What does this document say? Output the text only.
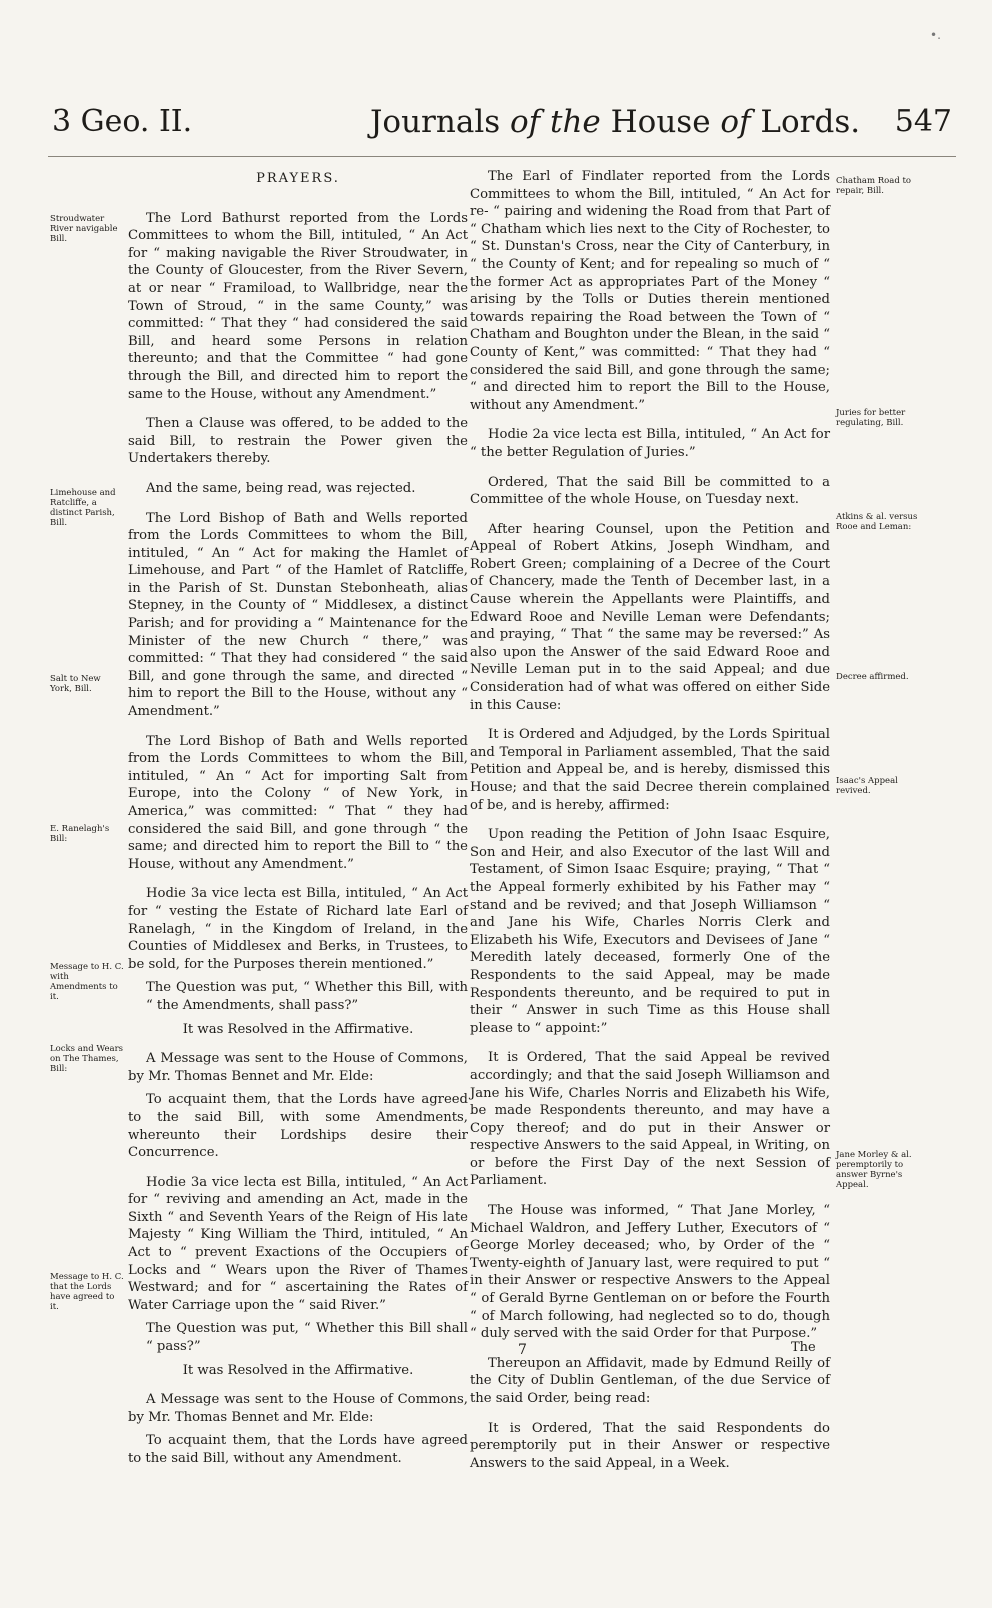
•.
3 Geo. II.	Journals of the House of Lords. 547
PRAYERS.

The Lord Bathurst reported from the Lords Committees to whom the Bill, intituled, “ An Act for “ making navigable the River Stroudwater, in the County of Gloucester, from the River Severn, at or near “ Framiload, to Wallbridge, near the Town of Stroud, “ in the same County,” was committed: “ That they “ had considered the said Bill, and heard some Persons in relation thereunto; and that the Committee “ had gone through the Bill, and directed him to report the same to the House, without any Amendment.”

Then a Clause was offered, to be added to the said Bill, to restrain the Power given the Undertakers thereby.

And the same, being read, was rejected.

The Lord Bishop of Bath and Wells reported from the Lords Committees to whom the Bill, intituled, “ An “ Act for making the Hamlet of Limehouse, and Part “ of the Hamlet of Ratcliffe, in the Parish of St. Dunstan Stebonheath, alias Stepney, in the County of “ Middlesex, a distinct Parish; and for providing a “ Maintenance for the Minister of the new Church “ there,” was committed: “ That they had considered “ the said Bill, and gone through the same, and directed “ him to report the Bill to the House, without any “ Amendment.”

The Lord Bishop of Bath and Wells reported from the Lords Committees to whom the Bill, intituled, “ An “ Act for importing Salt from Europe, into the Colony “ of New York, in America,” was committed: “ That “ they had considered the said Bill, and gone through “ the same; and directed him to report the Bill to “ the House, without any Amendment.”

Hodie 3a vice lecta est Billa, intituled, “ An Act for “ vesting the Estate of Richard late Earl of Ranelagh, “ in the Kingdom of Ireland, in the Counties of Middlesex and Berks, in Trustees, to be sold, for the Purposes therein mentioned.”

The Question was put, “ Whether this Bill, with “ the Amendments, shall pass?”

It was Resolved in the Affirmative.

A Message was sent to the House of Commons, by Mr. Thomas Bennet and Mr. Elde:

To acquaint them, that the Lords have agreed to the said Bill, with some Amendments, whereunto their Lordships desire their Concurrence.

Hodie 3a vice lecta est Billa, intituled, “ An Act for “ reviving and amending an Act, made in the Sixth “ and Seventh Years of the Reign of His late Majesty “ King William the Third, intituled, “ An Act to “ prevent Exactions of the Occupiers of Locks and “ Wears upon the River of Thames Westward; and for “ ascertaining the Rates of Water Carriage upon the “ said River.”

The Question was put, “ Whether this Bill shall “ pass?”

It was Resolved in the Affirmative.

A Message was sent to the House of Commons, by Mr. Thomas Bennet and Mr. Elde:

To acquaint them, that the Lords have agreed to the said Bill, without any Amendment.

The Earl of Findlater reported from the Lords Committees to whom the Bill, intituled, “ An Act for re- “ pairing and widening the Road from that Part of “ Chatham which lies next to the City of Rochester, to “ St. Dunstan's Cross, near the City of Canterbury, in “ the County of Kent; and for repealing so much of “ the former Act as appropriates Part of the Money “ arising by the Tolls or Duties therein mentioned towards repairing the Road between the Town of “ Chatham and Boughton under the Blean, in the said “ County of Kent,” was committed: “ That they had “ considered the said Bill, and gone through the same; “ and directed him to report the Bill to the House, without any Amendment.”

Hodie 2a vice lecta est Billa, intituled, “ An Act for “ the better Regulation of Juries.”

Ordered, That the said Bill be committed to a Committee of the whole House, on Tuesday next.

After hearing Counsel, upon the Petition and Appeal of Robert Atkins, Joseph Windham, and Robert Green; complaining of a Decree of the Court of Chancery, made the Tenth of December last, in a Cause wherein the Appellants were Plaintiffs, and Edward Rooe and Neville Leman were Defendants; and praying, “ That “ the same may be reversed:” As also upon the Answer of the said Edward Rooe and Neville Leman put in to the said Appeal; and due Consideration had of what was offered on either Side in this Cause:

It is Ordered and Adjudged, by the Lords Spiritual and Temporal in Parliament assembled, That the said Petition and Appeal be, and is hereby, dismissed this House; and that the said Decree therein complained of be, and is hereby, affirmed:

Upon reading the Petition of John Isaac Esquire, Son and Heir, and also Executor of the last Will and Testament, of Simon Isaac Esquire; praying, “ That “ the Appeal formerly exhibited by his Father may “ stand and be revived; and that Joseph Williamson “ and Jane his Wife, Charles Norris Clerk and Elizabeth his Wife, Executors and Devisees of Jane “ Meredith lately deceased, formerly One of the Respondents to the said Appeal, may be made Respondents thereunto, and be required to put in their “ Answer in such Time as this House shall please to “ appoint:”

It is Ordered, That the said Appeal be revived accordingly; and that the said Joseph Williamson and Jane his Wife, Charles Norris and Elizabeth his Wife, be made Respondents thereunto, and may have a Copy thereof; and do put in their Answer or respective Answers to the said Appeal, in Writing, on or before the First Day of the next Session of Parliament.

The House was informed, “ That Jane Morley, “ Michael Waldron, and Jeffery Luther, Executors of “ George Morley deceased; who, by Order of the “ Twenty-eighth of January last, were required to put “ in their Answer or respective Answers to the Appeal “ of Gerald Byrne Gentleman on or before the Fourth “ of March following, had neglected so to do, though “ duly served with the said Order for that Purpose.”

Thereupon an Affidavit, made by Edmund Reilly of the City of Dublin Gentleman, of the due Service of the said Order, being read:

It is Ordered, That the said Respondents do peremptorily put in their Answer or respective Answers to the said Appeal, in a Week.

Stroudwater River navigable Bill.
Limehouse and Ratcliffe, a distinct Parish, Bill.
Salt to New York, Bill.
E. Ranelagh's Bill:
Message to H. C. with Amendments to it.
Locks and Wears on The Thames, Bill:
Message to H. C. that the Lords have agreed to it.
Chatham Road to repair, Bill.
Juries for better regulating, Bill.
Atkins & al. versus Rooe and Leman:
Decree affirmed.
Isaac's Appeal revived.
Jane Morley & al. peremptorily to answer Byrne's Appeal.
7	The
